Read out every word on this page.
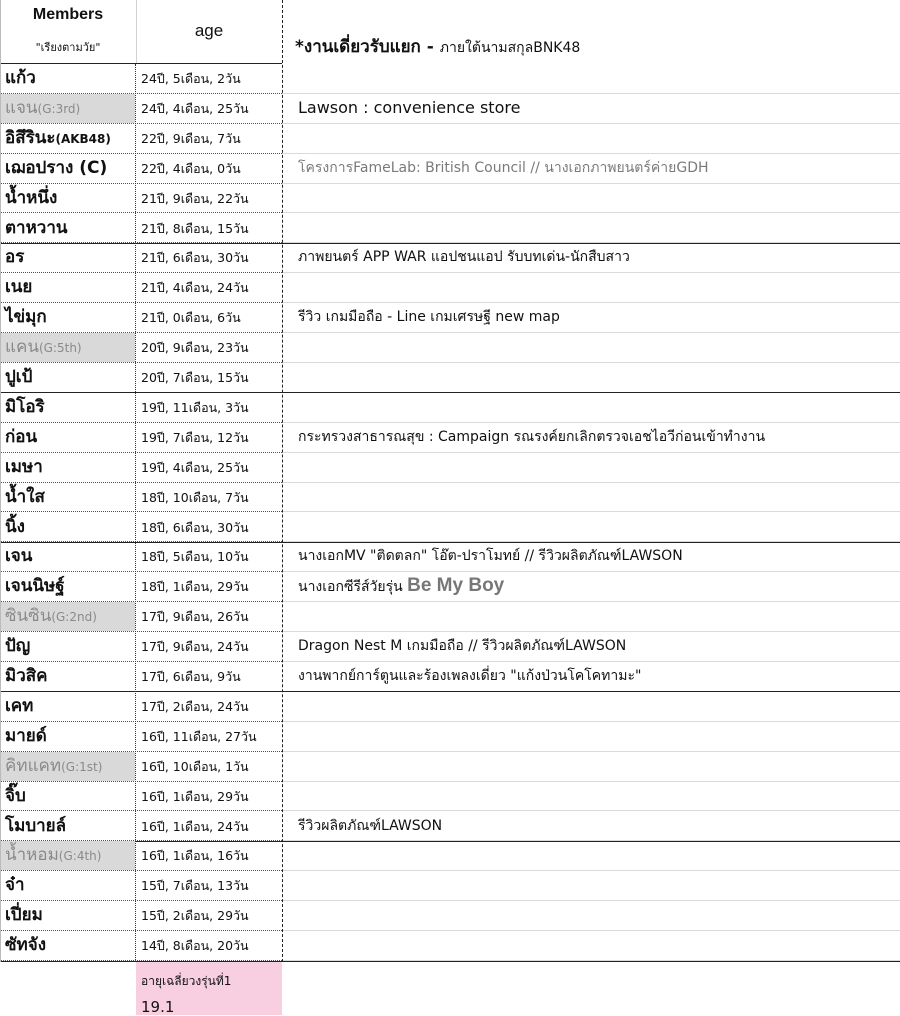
Members
"เรียงตามวัย"
age
*งานเดี่ยวรับแยก - ภายใต้นามสกุลBNK48
แก้ว	24ปี, 5เดือน, 2วัน
แจน(G:3rd)	24ปี, 4เดือน, 25วัน	Lawson : convenience store
อิสึรินะ(AKB48)	22ปี, 9เดือน, 7วัน
เฌอปราง (C)	22ปี, 4เดือน, 0วัน	โครงการFameLab: British Council // นางเอกภาพยนตร์ค่ายGDH
น้ำหนึ่ง	21ปี, 9เดือน, 22วัน
ตาหวาน	21ปี, 8เดือน, 15วัน
อร	21ปี, 6เดือน, 30วัน	ภาพยนตร์ APP WAR แอปชนแอป รับบทเด่น-นักสืบสาว
เนย	21ปี, 4เดือน, 24วัน
ไข่มุก	21ปี, 0เดือน, 6วัน	รีวิว เกมมือถือ - Line เกมเศรษฐี new map
แคน(G:5th)	20ปี, 9เดือน, 23วัน
ปูเป้	20ปี, 7เดือน, 15วัน
มิโอริ	19ปี, 11เดือน, 3วัน
ก่อน	19ปี, 7เดือน, 12วัน	กระทรวงสาธารณสุข : Campaign รณรงค์ยกเลิกตรวจเอชไอวีก่อนเข้าทำงาน
เมษา	19ปี, 4เดือน, 25วัน
น้ำใส	18ปี, 10เดือน, 7วัน
นิ้ง	18ปี, 6เดือน, 30วัน
เจน	18ปี, 5เดือน, 10วัน	นางเอกMV "ติดตลก" โอ๊ต-ปราโมทย์ // รีวิวผลิตภัณฑ์LAWSON
เจนนิษฐ์	18ปี, 1เดือน, 29วัน	นางเอกซีรีส์วัยรุ่น Be My Boy
ซินซิน(G:2nd)	17ปี, 9เดือน, 26วัน
ปัญ	17ปี, 9เดือน, 24วัน	Dragon Nest M เกมมือถือ // รีวิวผลิตภัณฑ์LAWSON
มิวสิค	17ปี, 6เดือน, 9วัน	งานพากย์การ์ตูนและร้องเพลงเดี่ยว "แก้งป่วนโคโคทามะ"
เคท	17ปี, 2เดือน, 24วัน
มายด์	16ปี, 11เดือน, 27วัน
คิทแคท(G:1st)	16ปี, 10เดือน, 1วัน
จิ๊บ	16ปี, 1เดือน, 29วัน
โมบายล์	16ปี, 1เดือน, 24วัน	รีวิวผลิตภัณฑ์LAWSON
น้ำหอม(G:4th)	16ปี, 1เดือน, 16วัน
จ๋า	15ปี, 7เดือน, 13วัน
เปี่ยม	15ปี, 2เดือน, 29วัน
ซัทจัง	14ปี, 8เดือน, 20วัน
อายุเฉลี่ยวงรุ่นที่1
19.1
